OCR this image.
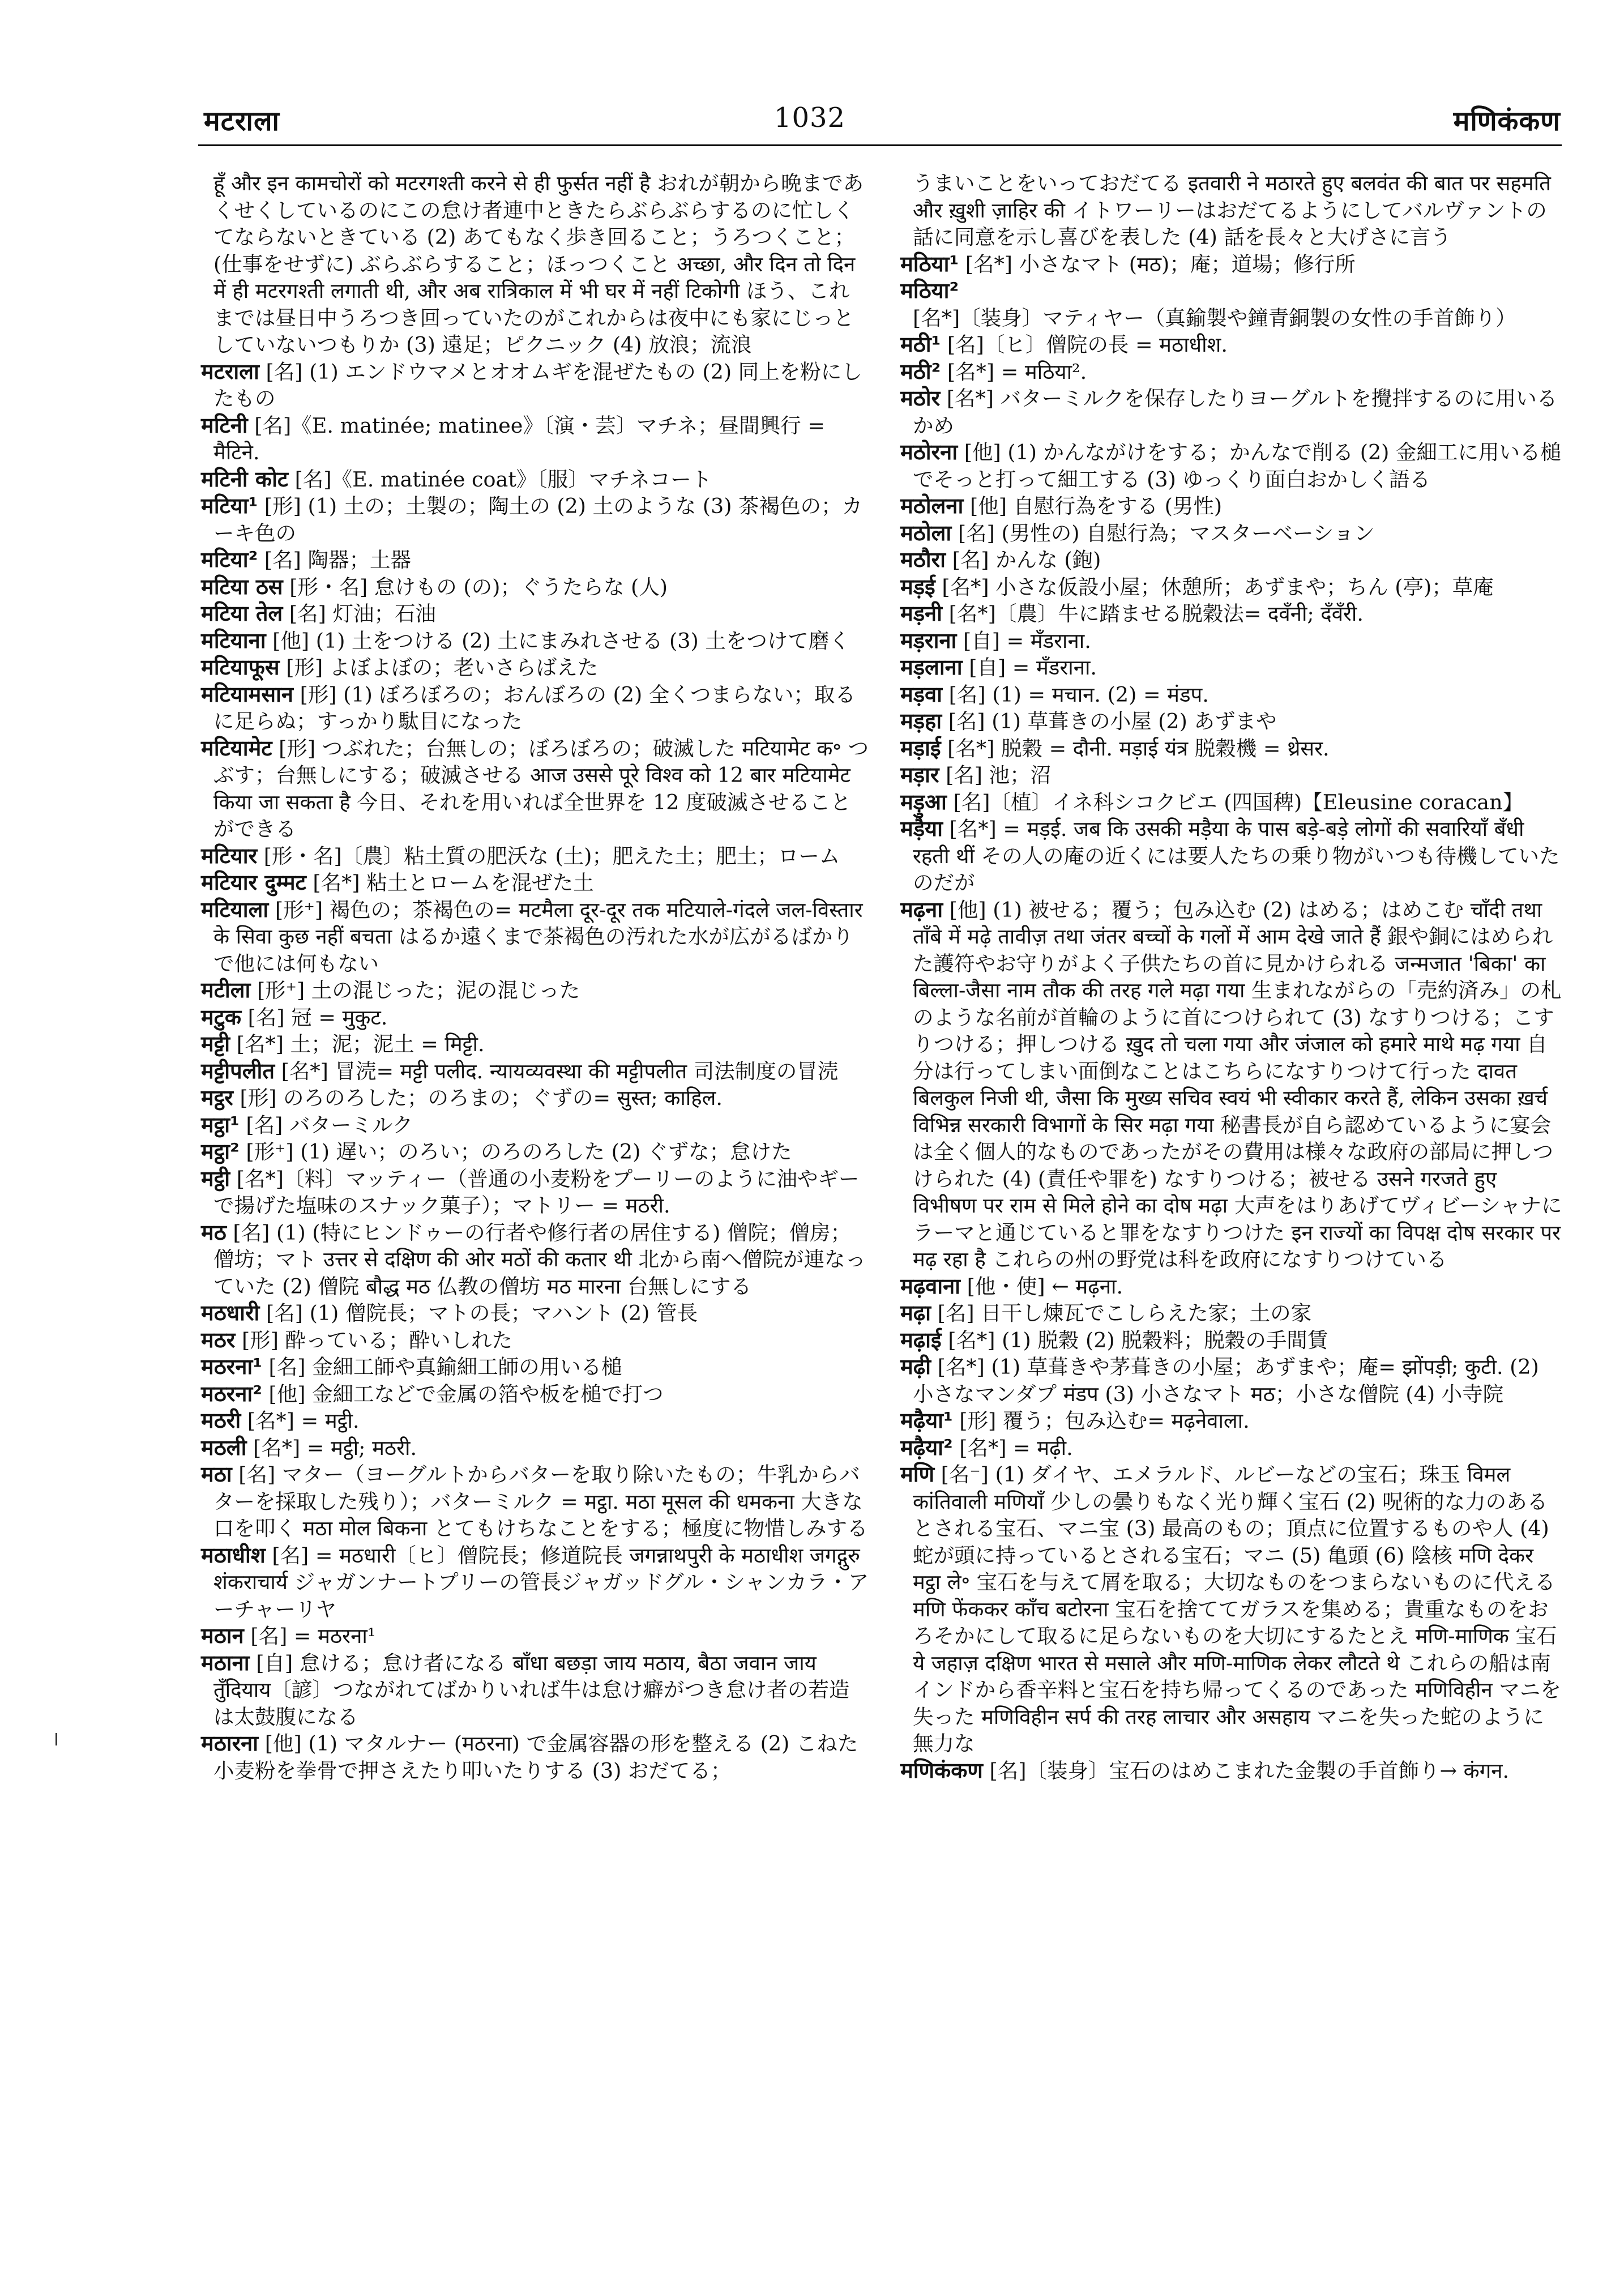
मटराला	1032	मणिकंकण

हूँ और इन कामचोरों को मटरगश्ती करने से ही फुर्सत नहीं है おれが朝から晩まであくせくしているのにこの怠け者連中ときたらぶらぶらするのに忙しくてならないときている (2) あてもなく歩き回ること；うろつくこと；(仕事をせずに) ぶらぶらすること；ほっつくこと अच्छा, और दिन तो दिन में ही मटरगश्ती लगाती थी, और अब रात्रिकाल में भी घर में नहीं टिकोगी ほう、これまでは昼日中うろつき回っていたのがこれからは夜中にも家にじっとしていないつもりか (3) 遠足；ピクニック (4) 放浪；流浪

मटराला [名] (1) エンドウマメとオオムギを混ぜたもの (2) 同上を粉にしたもの

मटिनी [名]《E. matinée; matinee》〔演・芸〕マチネ；昼間興行 = मैटिने.

मटिनी कोट [名]《E. matinée coat》〔服〕マチネコート

मटिया¹ [形] (1) 土の；土製の；陶土の (2) 土のような (3) 茶褐色の；カーキ色の

मटिया² [名] 陶器；土器

मटिया ठस [形・名] 怠けもの (の)；ぐうたらな (人)

मटिया तेल [名] 灯油；石油

मटियाना [他] (1) 土をつける (2) 土にまみれさせる (3) 土をつけて磨く

मटियाफूस [形] よぼよぼの；老いさらばえた

मटियामसान [形] (1) ぼろぼろの；おんぼろの (2) 全くつまらない；取るに足らぬ；すっかり駄目になった

मटियामेट [形] つぶれた；台無しの；ぼろぼろの；破滅した मटियामेट क॰ つぶす；台無しにする；破滅させる आज उससे पूरे विश्व को 12 बार मटियामेट किया जा सकता है 今日、それを用いれば全世界を 12 度破滅させることができる

मटियार [形・名]〔農〕粘土質の肥沃な (土)；肥えた土；肥土；ローム

मटियार दुम्मट [名*] 粘土とロームを混ぜた土

मटियाला [形⁺] 褐色の；茶褐色の= मटमैला दूर-दूर तक मटियाले-गंदले जल-विस्तार के सिवा कुछ नहीं बचता はるか遠くまで茶褐色の汚れた水が広がるばかりで他には何もない

मटीला [形⁺] 土の混じった；泥の混じった

मटुक [名] 冠 = मुकुट.

मट्टी [名*] 土；泥；泥土 = मिट्टी.

मट्टीपलीत [名*] 冒涜= मट्टी पलीद. न्यायव्यवस्था की मट्टीपलीत 司法制度の冒涜

मट्ठर [形] のろのろした；のろまの；ぐずの= सुस्त; काहिल.

मट्ठा¹ [名] バターミルク

मट्ठा² [形⁺] (1) 遅い；のろい；のろのろした (2) ぐずな；怠けた

मट्ठी [名*]〔料〕マッティー（普通の小麦粉をプーリーのように油やギーで揚げた塩味のスナック菓子）；マトリー = मठरी.

मठ [名] (1) (特にヒンドゥーの行者や修行者の居住する) 僧院；僧房；僧坊；マト उत्तर से दक्षिण की ओर मठों की कतार थी 北から南へ僧院が連なっていた (2) 僧院 बौद्ध मठ 仏教の僧坊 मठ मारना 台無しにする

मठधारी [名] (1) 僧院長；マトの長；マハント (2) 管長

मठर [形] 酔っている；酔いしれた

मठरना¹ [名] 金細工師や真鍮細工師の用いる槌

मठरना² [他] 金細工などで金属の箔や板を槌で打つ

मठरी [名*] = मट्ठी.

मठली [名*] = मट्ठी; मठरी.

मठा [名] マター（ヨーグルトからバターを取り除いたもの；牛乳からバターを採取した残り）；バターミルク = मट्ठा. मठा मूसल की धमकना 大きな口を叩く मठा मोल बिकना とてもけちなことをする；極度に物惜しみする

मठाधीश [名] = मठधारी〔ヒ〕僧院長；修道院長 जगन्नाथपुरी के मठाधीश जगद्गुरु शंकराचार्य ジャガンナートプリーの管長ジャガッドグル・シャンカラ・アーチャーリヤ

मठान [名] = मठरना¹

मठाना [自] 怠ける；怠け者になる बाँधा बछड़ा जाय मठाय, बैठा जवान जाय तुँदियाय〔諺〕つながれてばかりいれば牛は怠け癖がつき怠け者の若造は太鼓腹になる

मठारना [他] (1) マタルナー (मठरना) で金属容器の形を整える (2) こねた小麦粉を拳骨で押さえたり叩いたりする (3) おだてる；

うまいことをいっておだてる इतवारी ने मठारते हुए बलवंत की बात पर सहमति और ख़ुशी ज़ाहिर की イトワーリーはおだてるようにしてバルヴァントの話に同意を示し喜びを表した (4) 話を長々と大げさに言う

मठिया¹ [名*] 小さなマト (मठ)；庵；道場；修行所

मठिया² [名*]〔装身〕マティヤー（真鍮製や鐘青銅製の女性の手首飾り）

मठी¹ [名]〔ヒ〕僧院の長 = मठाधीश.

मठी² [名*] = मठिया².

मठोर [名*] バターミルクを保存したりヨーグルトを攪拌するのに用いるかめ

मठोरना [他] (1) かんながけをする；かんなで削る (2) 金細工に用いる槌でそっと打って細工する (3) ゆっくり面白おかしく語る

मठोलना [他] 自慰行為をする (男性)

मठोला [名] (男性の) 自慰行為；マスターベーション

मठौरा [名] かんな (鉋)

मड़ई [名*] 小さな仮設小屋；休憩所；あずまや；ちん (亭)；草庵

मड़नी [名*]〔農〕牛に踏ませる脱穀法= दवँनी; दँवँरी.

मड़राना [自] = मँडराना.

मड़लाना [自] = मँडराना.

मड़वा [名] (1) = मचान. (2) = मंडप.

मड़हा [名] (1) 草葺きの小屋 (2) あずまや

मड़ाई [名*] 脱穀 = दौनी. मड़ाई यंत्र 脱穀機 = थ्रेसर.

मड़ार [名] 池；沼

मड़ुआ [名]〔植〕イネ科シコクビエ (四国稗)【Eleusine coracan】

मड़ैया [名*] = मड़ई. जब कि उसकी मड़ैया के पास बड़े-बड़े लोगों की सवारियाँ बँधी रहती थीं その人の庵の近くには要人たちの乗り物がいつも待機していたのだが

मढ़ना [他] (1) 被せる；覆う；包み込む (2) はめる；はめこむ चाँदी तथा ताँबे में मढ़े तावीज़ तथा जंतर बच्चों के गलों में आम देखे जाते हैं 銀や銅にはめられた護符やお守りがよく子供たちの首に見かけられる जन्मजात 'बिका' का बिल्ला-जैसा नाम तौक की तरह गले मढ़ा गया 生まれながらの「売約済み」の札のような名前が首輪のように首につけられて (3) なすりつける；こすりつける；押しつける ख़ुद तो चला गया और जंजाल को हमारे माथे मढ़ गया 自分は行ってしまい面倒なことはこちらになすりつけて行った दावत बिलकुल निजी थी, जैसा कि मुख्य सचिव स्वयं भी स्वीकार करते हैं, लेकिन उसका ख़र्च विभिन्न सरकारी विभागों के सिर मढ़ा गया 秘書長が自ら認めているように宴会は全く個人的なものであったがその費用は様々な政府の部局に押しつけられた (4) (責任や罪を) なすりつける；被せる उसने गरजते हुए विभीषण पर राम से मिले होने का दोष मढ़ा 大声をはりあげてヴィビーシャナにラーマと通じていると罪をなすりつけた इन राज्यों का विपक्ष दोष सरकार पर मढ़ रहा है これらの州の野党は科を政府になすりつけている

मढ़वाना [他・使] ← मढ़ना.

मढ़ा [名] 日干し煉瓦でこしらえた家；土の家

मढ़ाई [名*] (1) 脱穀 (2) 脱穀料；脱穀の手間賃

मढ़ी [名*] (1) 草葺きや茅葺きの小屋；あずまや；庵= झोंपड़ी; कुटी. (2) 小さなマンダプ मंडप (3) 小さなマト मठ；小さな僧院 (4) 小寺院

मढ़ैया¹ [形] 覆う；包み込む= मढ़नेवाला.

मढ़ैया² [名*] = मढ़ी.

मणि [名⁻] (1) ダイヤ、エメラルド、ルビーなどの宝石；珠玉 विमल कांतिवाली मणियाँ 少しの曇りもなく光り輝く宝石 (2) 呪術的な力のあるとされる宝石、マニ宝 (3) 最高のもの；頂点に位置するものや人 (4) 蛇が頭に持っているとされる宝石；マニ (5) 亀頭 (6) 陰核 मणि देकर मट्ठा ले॰ 宝石を与えて屑を取る；大切なものをつまらないものに代える मणि फेंककर काँच बटोरना 宝石を捨ててガラスを集める；貴重なものをおろそかにして取るに足らないものを大切にするたとえ मणि-माणिक 宝石 ये जहाज़ दक्षिण भारत से मसाले और मणि-माणिक लेकर लौटते थे これらの船は南インドから香辛料と宝石を持ち帰ってくるのであった मणिविहीन マニを失った मणिविहीन सर्प की तरह लाचार और असहाय マニを失った蛇のように無力な

मणिकंकण [名]〔装身〕宝石のはめこまれた金製の手首飾り→ कंगन.
